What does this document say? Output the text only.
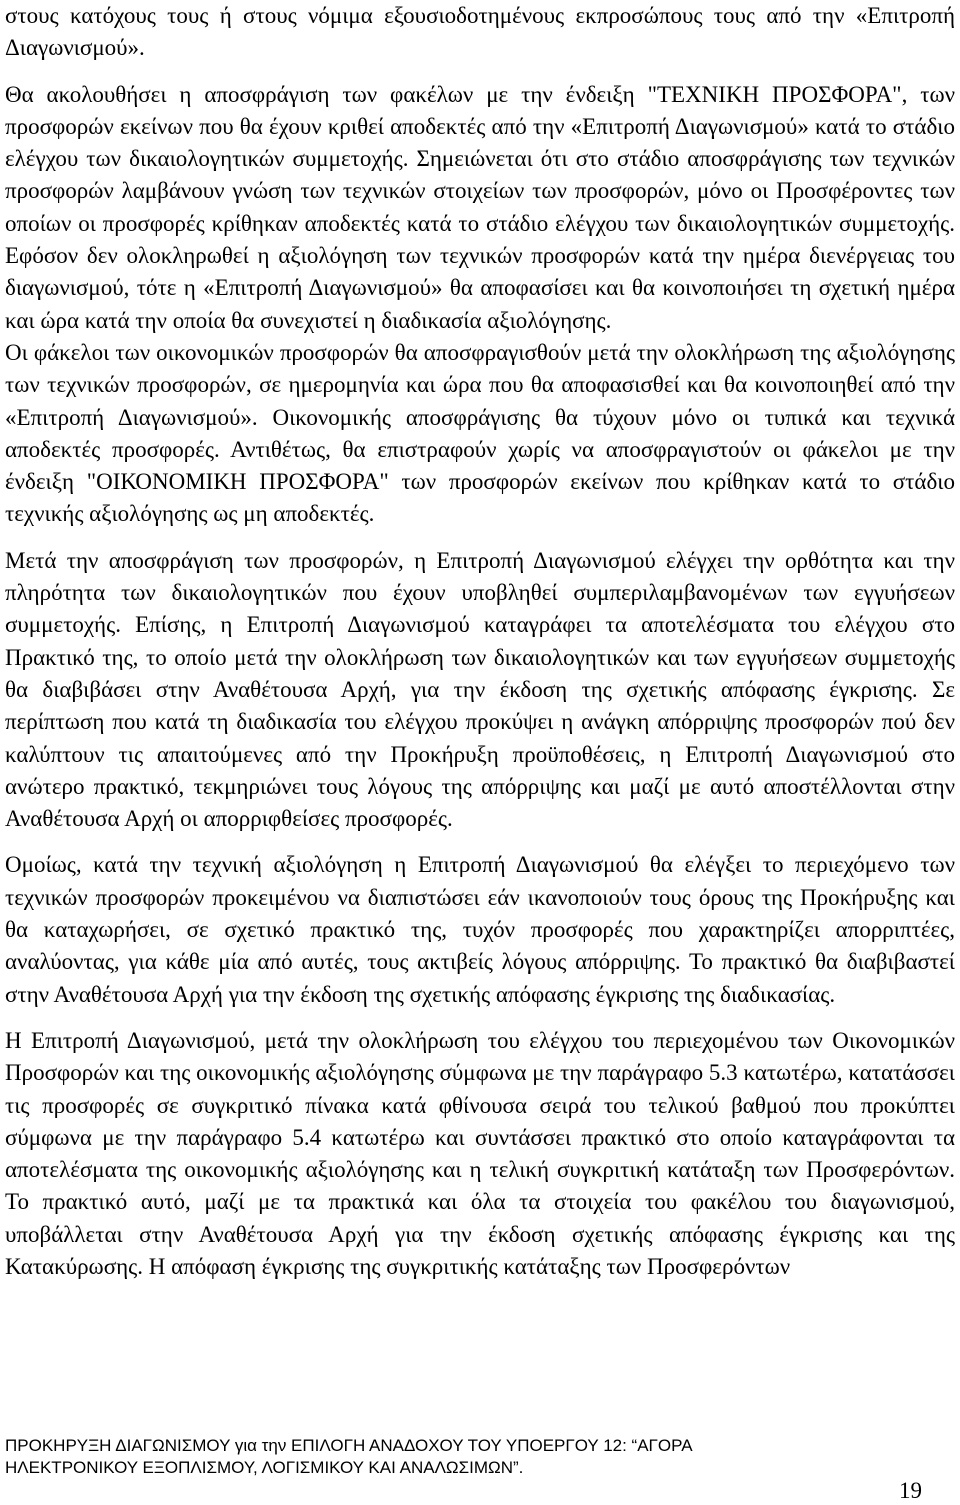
στους κατόχους τους ή στους νόμιμα εξουσιοδοτημένους εκπροσώπους τους από την «Επιτροπή Διαγωνισμού».

Θα ακολουθήσει η αποσφράγιση των φακέλων με την ένδειξη "ΤΕΧΝΙΚΗ ΠΡΟΣΦΟΡΑ", των προσφορών εκείνων που θα έχουν κριθεί αποδεκτές από την «Επιτροπή Διαγωνισμού» κατά το στάδιο ελέγχου των δικαιολογητικών συμμετοχής. Σημειώνεται ότι στο στάδιο αποσφράγισης των τεχνικών προσφορών λαμβάνουν γνώση των τεχνικών στοιχείων των προσφορών, μόνο οι Προσφέροντες των οποίων οι προσφορές κρίθηκαν αποδεκτές κατά το στάδιο ελέγχου των δικαιολογητικών συμμετοχής. Εφόσον δεν ολοκληρωθεί η αξιολόγηση των τεχνικών προσφορών κατά την ημέρα διενέργειας του διαγωνισμού, τότε η «Επιτροπή Διαγωνισμού» θα αποφασίσει και θα κοινοποιήσει τη σχετική ημέρα και ώρα κατά την οποία θα συνεχιστεί η διαδικασία αξιολόγησης.

Οι φάκελοι των οικονομικών προσφορών θα αποσφραγισθούν μετά την ολοκλήρωση της αξιολόγησης των τεχνικών προσφορών, σε ημερομηνία και ώρα που θα αποφασισθεί και θα κοινοποιηθεί από την «Επιτροπή Διαγωνισμού». Οικονομικής αποσφράγισης θα τύχουν μόνο οι τυπικά και τεχνικά αποδεκτές προσφορές. Αντιθέτως, θα επιστραφούν χωρίς να αποσφραγιστούν οι φάκελοι με την ένδειξη "ΟΙΚΟΝΟΜΙΚΗ ΠΡΟΣΦΟΡΑ" των προσφορών εκείνων που κρίθηκαν κατά το στάδιο τεχνικής αξιολόγησης ως μη αποδεκτές.

Μετά την αποσφράγιση των προσφορών, η Επιτροπή Διαγωνισμού ελέγχει την ορθότητα και την πληρότητα των δικαιολογητικών που έχουν υποβληθεί συμπεριλαμβανομένων των εγγυήσεων συμμετοχής. Επίσης, η Επιτροπή Διαγωνισμού καταγράφει τα αποτελέσματα του ελέγχου στο Πρακτικό της, το οποίο μετά την ολοκλήρωση των δικαιολογητικών και των εγγυήσεων συμμετοχής θα διαβιβάσει στην Αναθέτουσα Αρχή, για την έκδοση της σχετικής απόφασης έγκρισης. Σε περίπτωση που κατά τη διαδικασία του ελέγχου προκύψει η ανάγκη απόρριψης προσφορών πού δεν καλύπτουν τις απαιτούμενες από την Προκήρυξη προϋποθέσεις, η Επιτροπή Διαγωνισμού στο ανώτερο πρακτικό, τεκμηριώνει τους λόγους της απόρριψης και μαζί με αυτό αποστέλλονται στην Αναθέτουσα Αρχή οι απορριφθείσες προσφορές.

Ομοίως, κατά την τεχνική αξιολόγηση η Επιτροπή Διαγωνισμού θα ελέγξει το περιεχόμενο των τεχνικών προσφορών προκειμένου να διαπιστώσει εάν ικανοποιούν τους όρους της Προκήρυξης και θα καταχωρήσει, σε σχετικό πρακτικό της, τυχόν προσφορές που χαρακτηρίζει απορριπτέες, αναλύοντας, για κάθε μία από αυτές, τους ακτιβείς λόγους απόρριψης. Το πρακτικό θα διαβιβαστεί στην Αναθέτουσα Αρχή για την έκδοση της σχετικής απόφασης έγκρισης της διαδικασίας.

Η Επιτροπή Διαγωνισμού, μετά την ολοκλήρωση του ελέγχου του περιεχομένου των Οικονομικών Προσφορών και της οικονομικής αξιολόγησης σύμφωνα με την παράγραφο 5.3 κατωτέρω, κατατάσσει τις προσφορές σε συγκριτικό πίνακα κατά φθίνουσα σειρά του τελικού βαθμού που προκύπτει σύμφωνα με την παράγραφο 5.4 κατωτέρω και συντάσσει πρακτικό στο οποίο καταγράφονται τα αποτελέσματα της οικονομικής αξιολόγησης και η τελική συγκριτική κατάταξη των Προσφερόντων. Το πρακτικό αυτό, μαζί με τα πρακτικά και όλα τα στοιχεία του φακέλου του διαγωνισμού, υποβάλλεται στην Αναθέτουσα Αρχή για την έκδοση σχετικής απόφασης έγκρισης και της Κατακύρωσης. Η απόφαση έγκρισης της συγκριτικής κατάταξης των Προσφερόντων

ΠΡΟΚΗΡΥΞΗ ΔΙΑΓΩΝΙΣΜΟΥ για την ΕΠΙΛΟΓΗ ΑΝΑΔΟΧΟΥ ΤΟΥ ΥΠΟΕΡΓΟΥ 12: “ΑΓΟΡΑ
ΗΛΕΚΤΡΟΝΙΚΟΥ ΕΞΟΠΛΙΣΜΟΥ, ΛΟΓΙΣΜΙΚΟΥ ΚΑΙ ΑΝΑΛΩΣΙΜΩΝ”.
19
